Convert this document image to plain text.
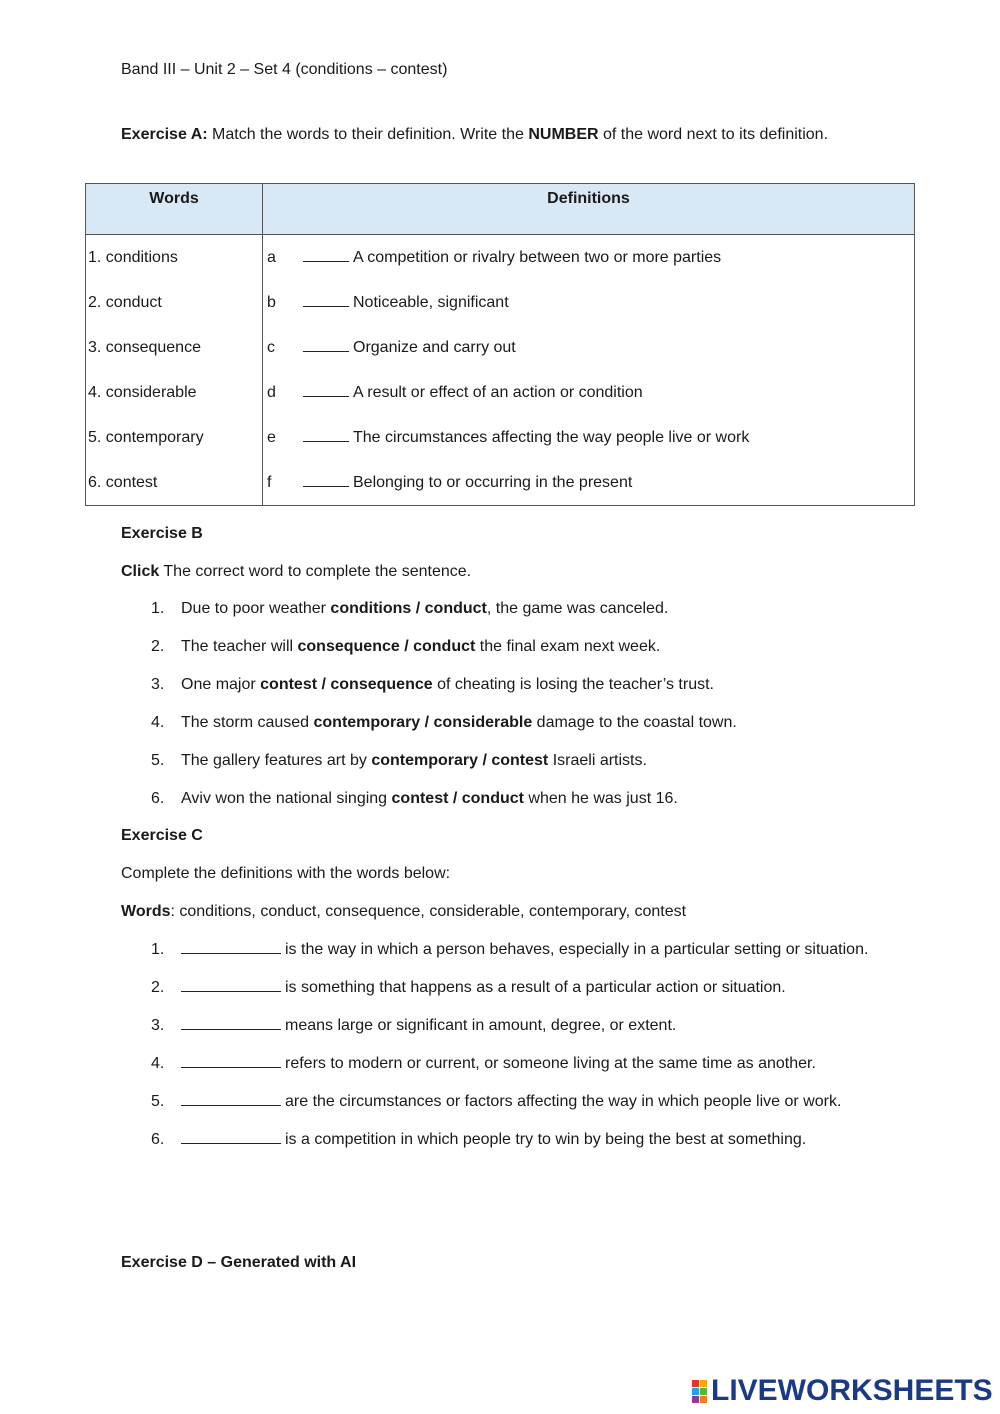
Band III – Unit 2 – Set 4 (conditions – contest)
Exercise A: Match the words to their definition. Write the NUMBER of the word next to its definition.
Words	Definitions
1. conditions	a A competition or rivalry between two or more parties
2. conduct	b Noticeable, significant
3. consequence	c Organize and carry out
4. considerable	d A result or effect of an action or condition
5. contemporary	e The circumstances affecting the way people live or work
6. contest	f Belonging to or occurring in the present
Exercise B
Click The correct word to complete the sentence.
1. Due to poor weather conditions / conduct, the game was canceled.
2. The teacher will consequence / conduct the final exam next week.
3. One major contest / consequence of cheating is losing the teacher’s trust.
4. The storm caused contemporary / considerable damage to the coastal town.
5. The gallery features art by contemporary / contest Israeli artists.
6. Aviv won the national singing contest / conduct when he was just 16.
Exercise C
Complete the definitions with the words below:
Words: conditions, conduct, consequence, considerable, contemporary, contest
1.	is the way in which a person behaves, especially in a particular setting or situation.
2.	is something that happens as a result of a particular action or situation.
3.	means large or significant in amount, degree, or extent.
4.	refers to modern or current, or someone living at the same time as another.
5.	are the circumstances or factors affecting the way in which people live or work.
6.	is a competition in which people try to win by being the best at something.
Exercise D – Generated with AI
LIVEWORKSHEETS
